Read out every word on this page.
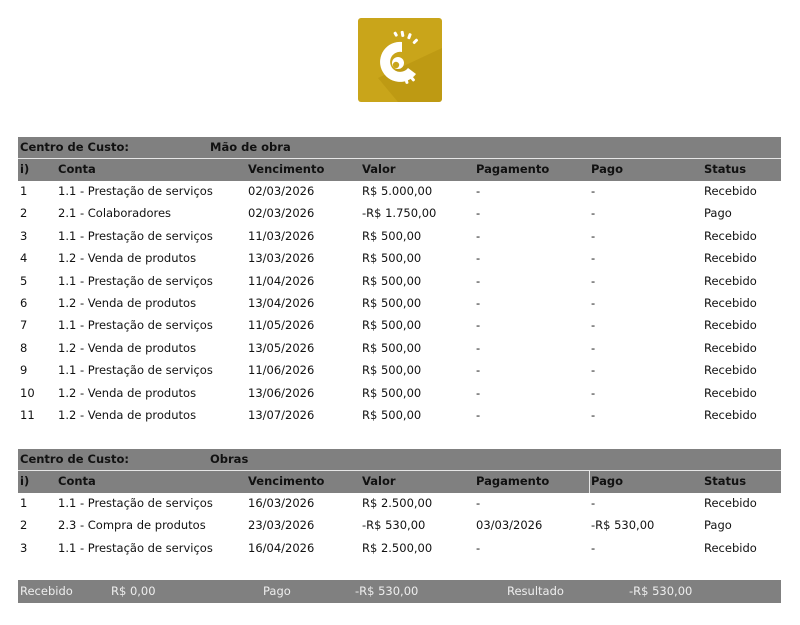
Centro de Custo:	Mão de obra
i)	Conta	Vencimento	Valor	Pagamento	Pago	Status
1	1.1 - Prestação de serviços	02/03/2026	R$ 5.000,00	-	-	Recebido
2	2.1 - Colaboradores	02/03/2026	-R$ 1.750,00	-	-	Pago
3	1.1 - Prestação de serviços	11/03/2026	R$ 500,00	-	-	Recebido
4	1.2 - Venda de produtos	13/03/2026	R$ 500,00	-	-	Recebido
5	1.1 - Prestação de serviços	11/04/2026	R$ 500,00	-	-	Recebido
6	1.2 - Venda de produtos	13/04/2026	R$ 500,00	-	-	Recebido
7	1.1 - Prestação de serviços	11/05/2026	R$ 500,00	-	-	Recebido
8	1.2 - Venda de produtos	13/05/2026	R$ 500,00	-	-	Recebido
9	1.1 - Prestação de serviços	11/06/2026	R$ 500,00	-	-	Recebido
10 1.2 - Venda de produtos	13/06/2026	R$ 500,00	-	-	Recebido
11 1.2 - Venda de produtos	13/07/2026	R$ 500,00	-	-	Recebido
Centro de Custo:	Obras
i)	Conta	Vencimento	Valor	Pagamento	Pago	Status
1	1.1 - Prestação de serviços	16/03/2026	R$ 2.500,00	-	-	Recebido
2	2.3 - Compra de produtos	23/03/2026	-R$ 530,00	03/03/2026	-R$ 530,00	Pago
3	1.1 - Prestação de serviços	16/04/2026	R$ 2.500,00	-	-	Recebido
Recebido	R$ 0,00	Pago	-R$ 530,00	Resultado	-R$ 530,00
